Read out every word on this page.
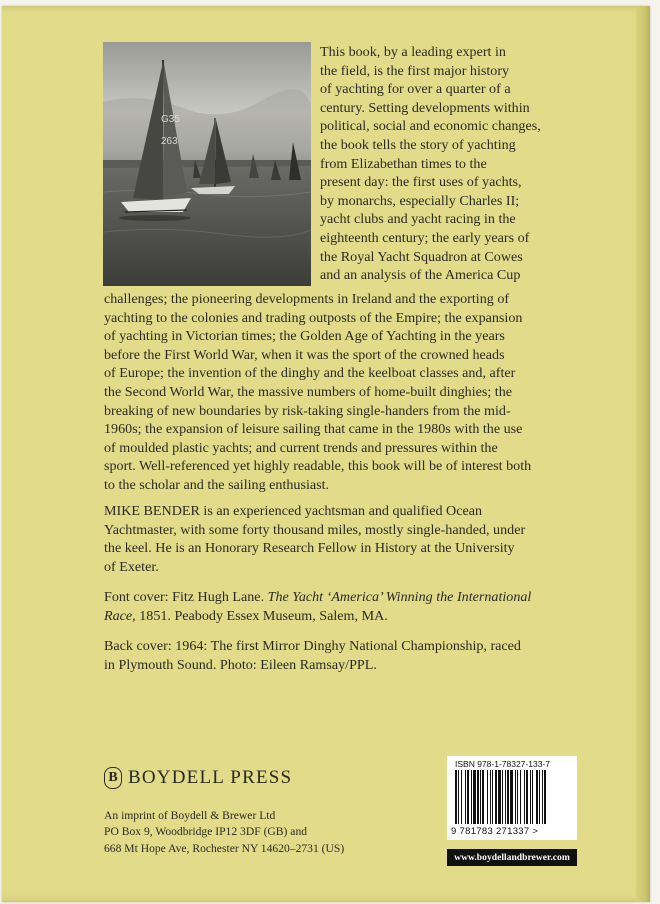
G35
263
This book, by a leading expert in
the field, is the first major history
of yachting for over a quarter of a
century. Setting developments within
political, social and economic changes,
the book tells the story of yachting
from Elizabethan times to the
present day: the first uses of yachts,
by monarchs, especially Charles II;
yacht clubs and yacht racing in the
eighteenth century; the early years of
the Royal Yacht Squadron at Cowes
and an analysis of the America Cup
challenges; the pioneering developments in Ireland and the exporting of
yachting to the colonies and trading outposts of the Empire; the expansion
of yachting in Victorian times; the Golden Age of Yachting in the years
before the First World War, when it was the sport of the crowned heads
of Europe; the invention of the dinghy and the keelboat classes and, after
the Second World War, the massive numbers of home-built dinghies; the
breaking of new boundaries by risk-taking single-handers from the mid-
1960s; the expansion of leisure sailing that came in the 1980s with the use
of moulded plastic yachts; and current trends and pressures within the
sport. Well-referenced yet highly readable, this book will be of interest both
to the scholar and the sailing enthusiast.
MIKE BENDER is an experienced yachtsman and qualified Ocean
Yachtmaster, with some forty thousand miles, mostly single-handed, under
the keel. He is an Honorary Research Fellow in History at the University
of Exeter.
Font cover: Fitz Hugh Lane. The Yacht ‘America’ Winning the International
Race, 1851. Peabody Essex Museum, Salem, MA.
Back cover: 1964: The first Mirror Dinghy National Championship, raced
in Plymouth Sound. Photo: Eileen Ramsay/PPL.
B BOYDELL PRESS
An imprint of Boydell & Brewer Ltd
PO Box 9, Woodbridge IP12 3DF (GB) and
668 Mt Hope Ave, Rochester NY 14620–2731 (US)
ISBN 978-1-78327-133-7
9 781783 271337 >
www.boydellandbrewer.com
